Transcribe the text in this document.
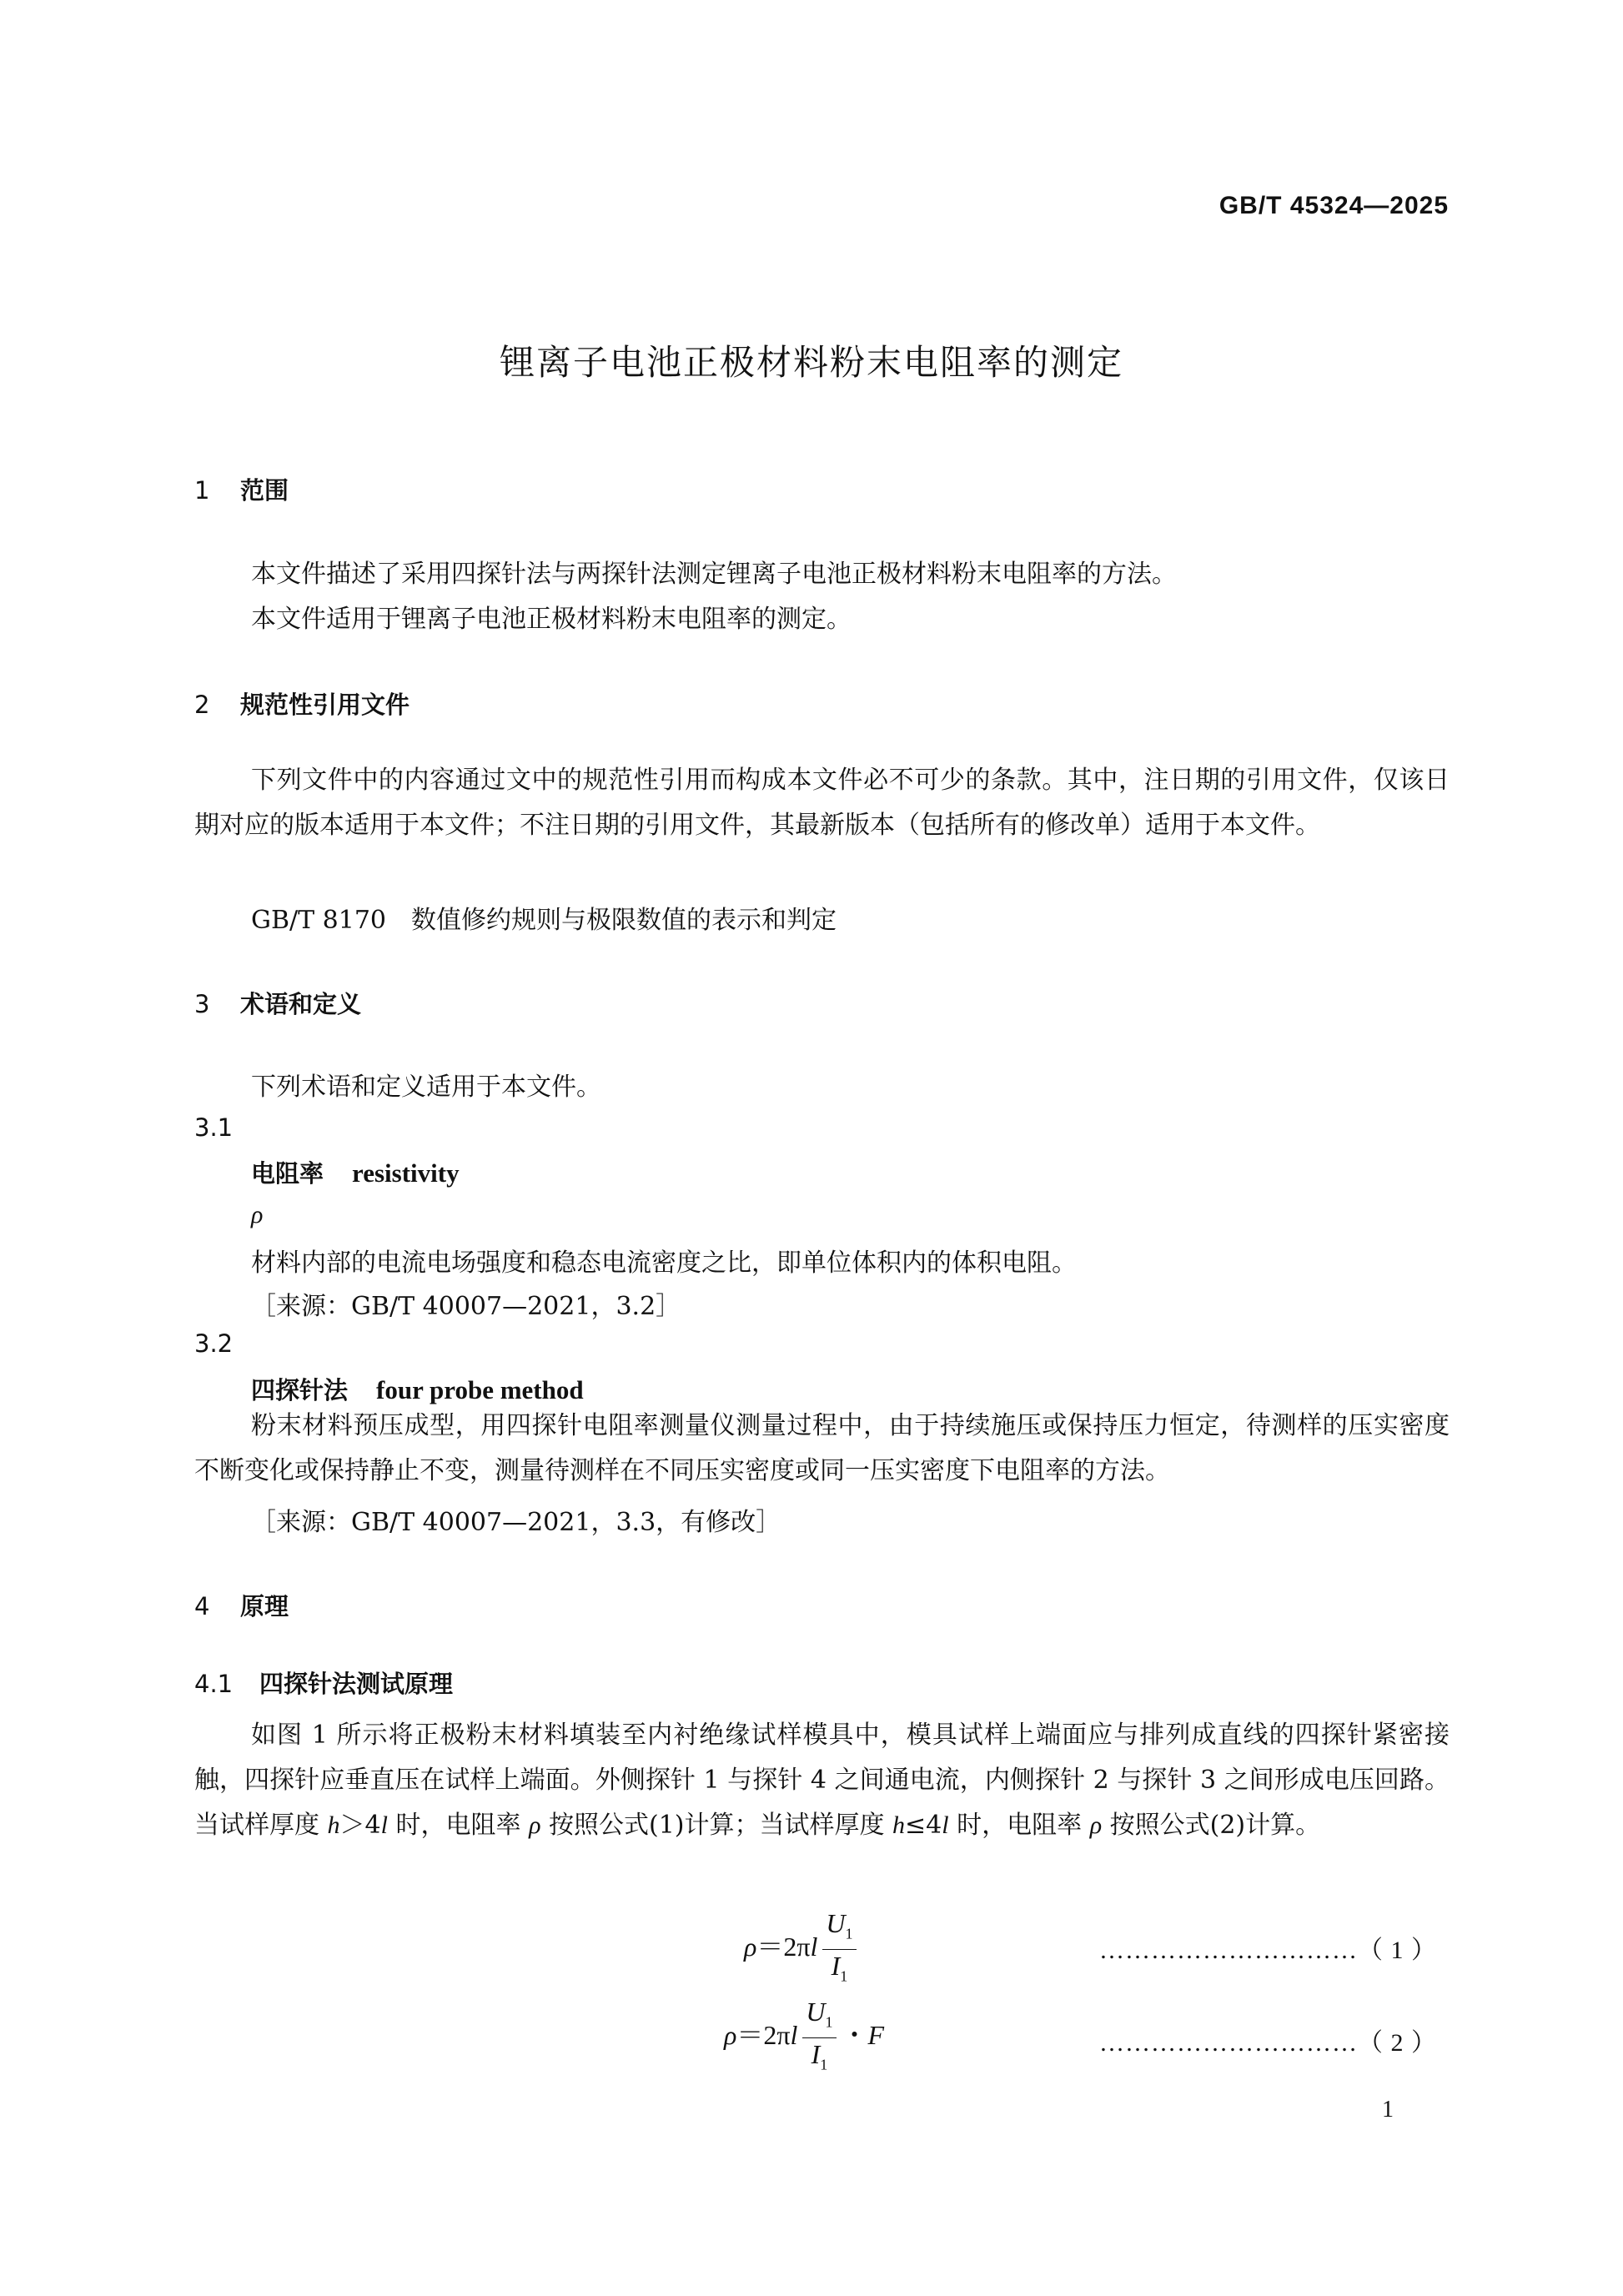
GB/T 45324—2025
锂离子电池正极材料粉末电阻率的测定
1 范围
本文件描述了采用四探针法与两探针法测定锂离子电池正极材料粉末电阻率的方法。
本文件适用于锂离子电池正极材料粉末电阻率的测定。
2 规范性引用文件
下列文件中的内容通过文中的规范性引用而构成本文件必不可少的条款。其中，注日期的引用文件，仅该日期对应的版本适用于本文件；不注日期的引用文件，其最新版本（包括所有的修改单）适用于本文件。
GB/T 8170　数值修约规则与极限数值的表示和判定
3 术语和定义
下列术语和定义适用于本文件。
3.1
电阻率 resistivity
ρ
材料内部的电流电场强度和稳态电流密度之比，即单位体积内的体积电阻。
［来源：GB/T 40007—2021，3.2］
3.2
四探针法 four probe method
粉末材料预压成型，用四探针电阻率测量仪测量过程中，由于持续施压或保持压力恒定，待测样的压实密度不断变化或保持静止不变，测量待测样在不同压实密度或同一压实密度下电阻率的方法。
［来源：GB/T 40007—2021，3.3，有修改］
4 原理
4.1 四探针法测试原理
如图 1 所示将正极粉末材料填装至内衬绝缘试样模具中，模具试样上端面应与排列成直线的四探针紧密接触，四探针应垂直压在试样上端面。外侧探针 1 与探针 4 之间通电流，内侧探针 2 与探针 3 之间形成电压回路。当试样厚度 h＞4l 时，电阻率 ρ 按照公式(1)计算；当试样厚度 h≤4l 时，电阻率 ρ 按照公式(2)计算。
$\rho=2\pi l \frac{U_1}{I_1}$	…………………………（ 1 ）
$\rho=2\pi l \frac{U_1}{I_1}$ ・F	…………………………（ 2 ）
1
